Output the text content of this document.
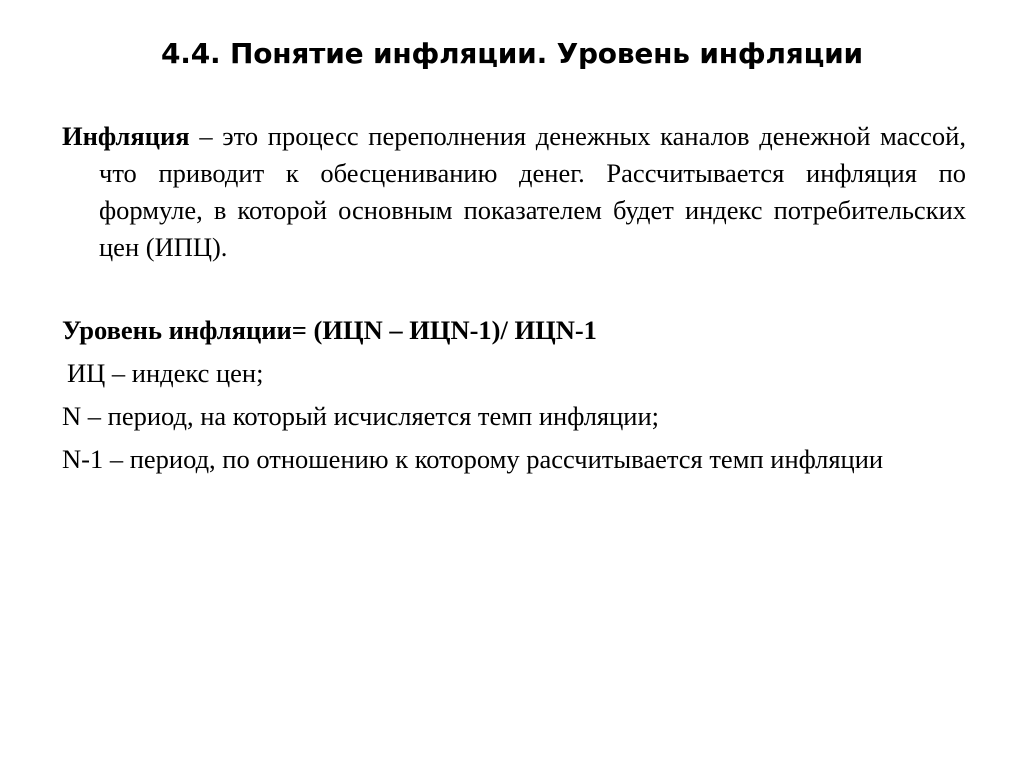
4.4. Понятие инфляции. Уровень инфляции

Инфляция – это процесс переполнения денежных каналов денежной массой, что приводит к обесцениванию денег. Рассчитывается инфляция по формуле, в которой основным показателем будет индекс потребительских цен (ИПЦ).

Уровень инфляции= (ИЦN – ИЦN-1)/ ИЦN-1

ИЦ – индекс цен;

N – период, на который исчисляется темп инфляции;

N-1 – период, по отношению к которому рассчитывается темп инфляции
